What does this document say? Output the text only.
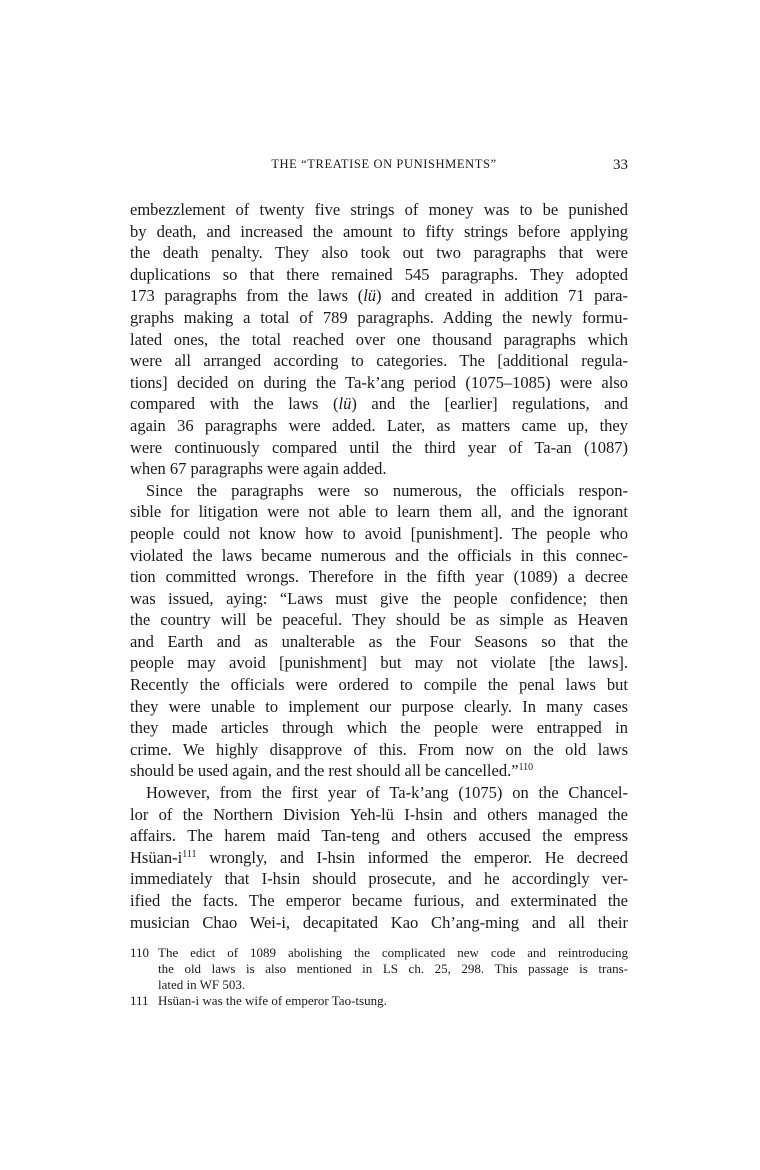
THE “TREATISE ON PUNISHMENTS”	33
embezzlement of twenty five strings of money was to be punished
by death, and increased the amount to fifty strings before applying
the death penalty. They also took out two paragraphs that were
duplications so that there remained 545 paragraphs. They adopted
173 paragraphs from the laws (lü) and created in addition 71 para-
graphs making a total of 789 paragraphs. Adding the newly formu-
lated ones, the total reached over one thousand paragraphs which
were all arranged according to categories. The [additional regula-
tions] decided on during the Ta-k’ang period (1075–1085) were also
compared with the laws (lü) and the [earlier] regulations, and
again 36 paragraphs were added. Later, as matters came up, they
were continuously compared until the third year of Ta-an (1087)
when 67 paragraphs were again added.
Since the paragraphs were so numerous, the officials respon-
sible for litigation were not able to learn them all, and the ignorant
people could not know how to avoid [punishment]. The people who
violated the laws became numerous and the officials in this connec-
tion committed wrongs. Therefore in the fifth year (1089) a decree
was issued, aying: “Laws must give the people confidence; then
the country will be peaceful. They should be as simple as Heaven
and Earth and as unalterable as the Four Seasons so that the
people may avoid [punishment] but may not violate [the laws].
Recently the officials were ordered to compile the penal laws but
they were unable to implement our purpose clearly. In many cases
they made articles through which the people were entrapped in
crime. We highly disapprove of this. From now on the old laws
should be used again, and the rest should all be cancelled.”$^{110}$
However, from the first year of Ta-k’ang (1075) on the Chancel-
lor of the Northern Division Yeh-lü I-hsin and others managed the
affairs. The harem maid Tan-teng and others accused the empress
Hsüan-$i^{111}$ wrongly, and I-hsin informed the emperor. He decreed
immediately that I-hsin should prosecute, and he accordingly ver-
ified the facts. The emperor became furious, and exterminated the
musician Chao Wei-i, decapitated Kao Ch’ang-ming and all their
110 The edict of 1089 abolishing the complicated new code and reintroducing
the old laws is also mentioned in LS ch. 25, 298. This passage is trans-
lated in WF 503.
111 Hsüan-i was the wife of emperor Tao-tsung.
